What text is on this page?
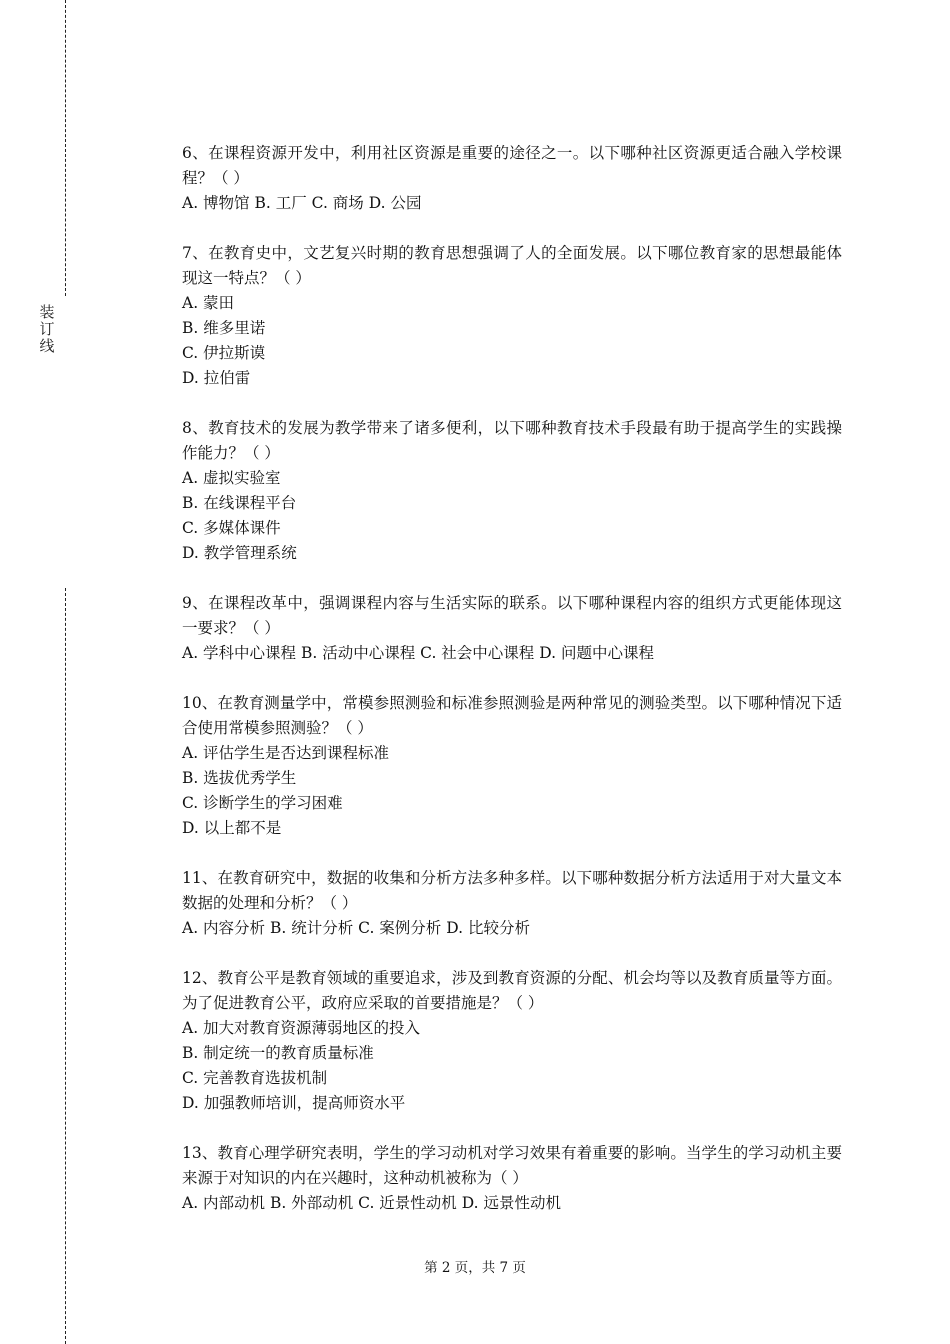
装
订
线
6、在课程资源开发中，利用社区资源是重要的途径之一。以下哪种社区资源更适合融入学校课程？（ ）
A. 博物馆 B. 工厂 C. 商场 D. 公园
7、在教育史中，文艺复兴时期的教育思想强调了人的全面发展。以下哪位教育家的思想最能体现这一特点？（ ）
A. 蒙田
B. 维多里诺
C. 伊拉斯谟
D. 拉伯雷
8、教育技术的发展为教学带来了诸多便利，以下哪种教育技术手段最有助于提高学生的实践操作能力？（ ）
A. 虚拟实验室
B. 在线课程平台
C. 多媒体课件
D. 教学管理系统
9、在课程改革中，强调课程内容与生活实际的联系。以下哪种课程内容的组织方式更能体现这一要求？（ ）
A. 学科中心课程 B. 活动中心课程 C. 社会中心课程 D. 问题中心课程
10、在教育测量学中，常模参照测验和标准参照测验是两种常见的测验类型。以下哪种情况下适合使用常模参照测验？（ ）
A. 评估学生是否达到课程标准
B. 选拔优秀学生
C. 诊断学生的学习困难
D. 以上都不是
11、在教育研究中，数据的收集和分析方法多种多样。以下哪种数据分析方法适用于对大量文本数据的处理和分析？（ ）
A. 内容分析 B. 统计分析 C. 案例分析 D. 比较分析
12、教育公平是教育领域的重要追求，涉及到教育资源的分配、机会均等以及教育质量等方面。为了促进教育公平，政府应采取的首要措施是？（ ）
A. 加大对教育资源薄弱地区的投入
B. 制定统一的教育质量标准
C. 完善教育选拔机制
D. 加强教师培训，提高师资水平
13、教育心理学研究表明，学生的学习动机对学习效果有着重要的影响。当学生的学习动机主要来源于对知识的内在兴趣时，这种动机被称为（ ）
A. 内部动机 B. 外部动机 C. 近景性动机 D. 远景性动机
第 2 页，共 7 页
